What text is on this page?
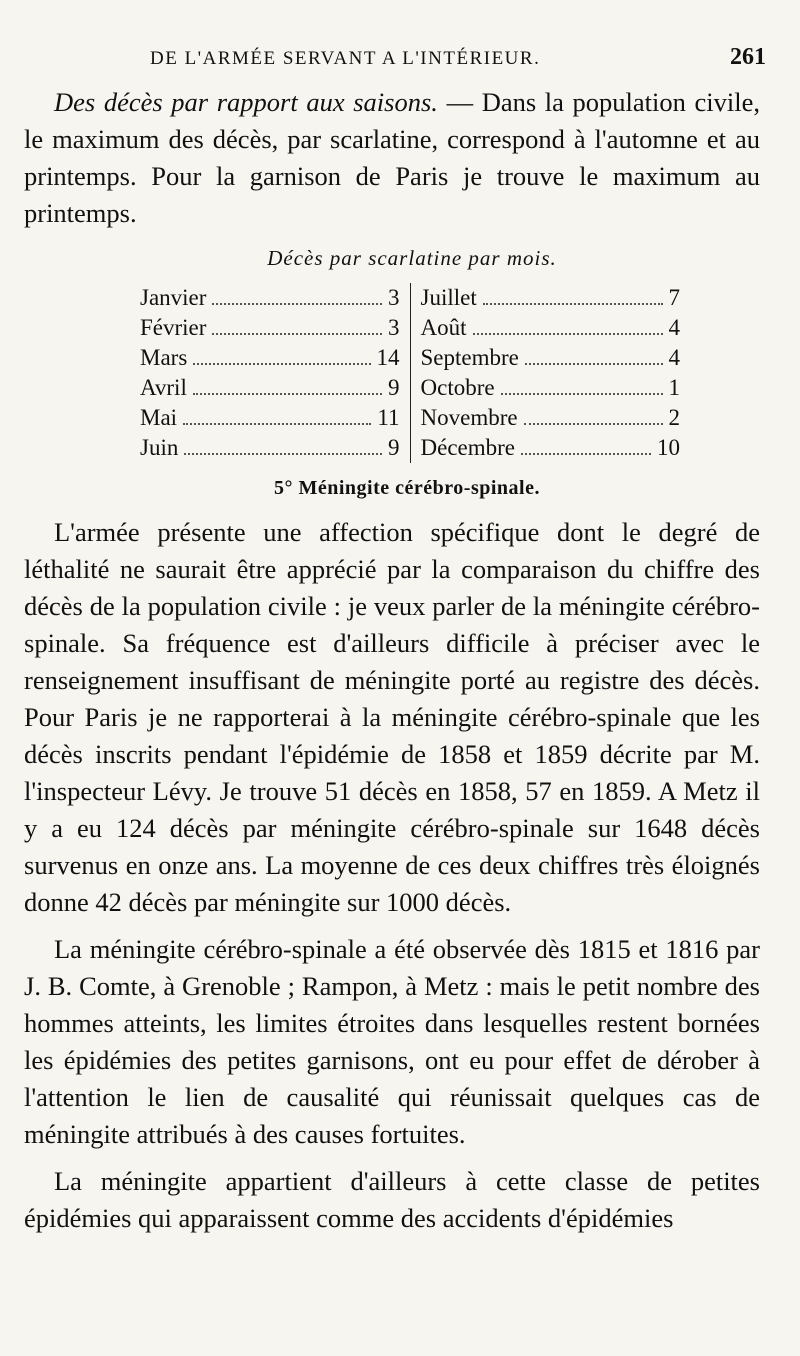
DE L'ARMÉE SERVANT A L'INTÉRIEUR.	261

Des décès par rapport aux saisons. — Dans la population civile, le maximum des décès, par scarlatine, correspond à l'automne et au printemps. Pour la garnison de Paris je trouve le maximum au printemps.

Décès par scarlatine par mois.
Janvier	3
Février	3
Mars	14
Avril	9
Mai	11
Juin	9
Juillet	7
Août	4
Septembre	4
Octobre	1
Novembre	2
Décembre	10
5° Méningite cérébro-spinale.

L'armée présente une affection spécifique dont le degré de léthalité ne saurait être apprécié par la comparaison du chiffre des décès de la population civile : je veux parler de la méningite cérébro-spinale. Sa fréquence est d'ailleurs difficile à préciser avec le renseignement insuffisant de méningite porté au registre des décès. Pour Paris je ne rapporterai à la méningite cérébro-spinale que les décès inscrits pendant l'épidémie de 1858 et 1859 décrite par M. l'inspecteur Lévy. Je trouve 51 décès en 1858, 57 en 1859. A Metz il y a eu 124 décès par méningite cérébro-spinale sur 1648 décès survenus en onze ans. La moyenne de ces deux chiffres très éloignés donne 42 décès par méningite sur 1000 décès.

La méningite cérébro-spinale a été observée dès 1815 et 1816 par J. B. Comte, à Grenoble ; Rampon, à Metz : mais le petit nombre des hommes atteints, les limites étroites dans lesquelles restent bornées les épidémies des petites garnisons, ont eu pour effet de dérober à l'attention le lien de causalité qui réunissait quelques cas de méningite attribués à des causes fortuites.

La méningite appartient d'ailleurs à cette classe de petites épidémies qui apparaissent comme des accidents d'épidémies
